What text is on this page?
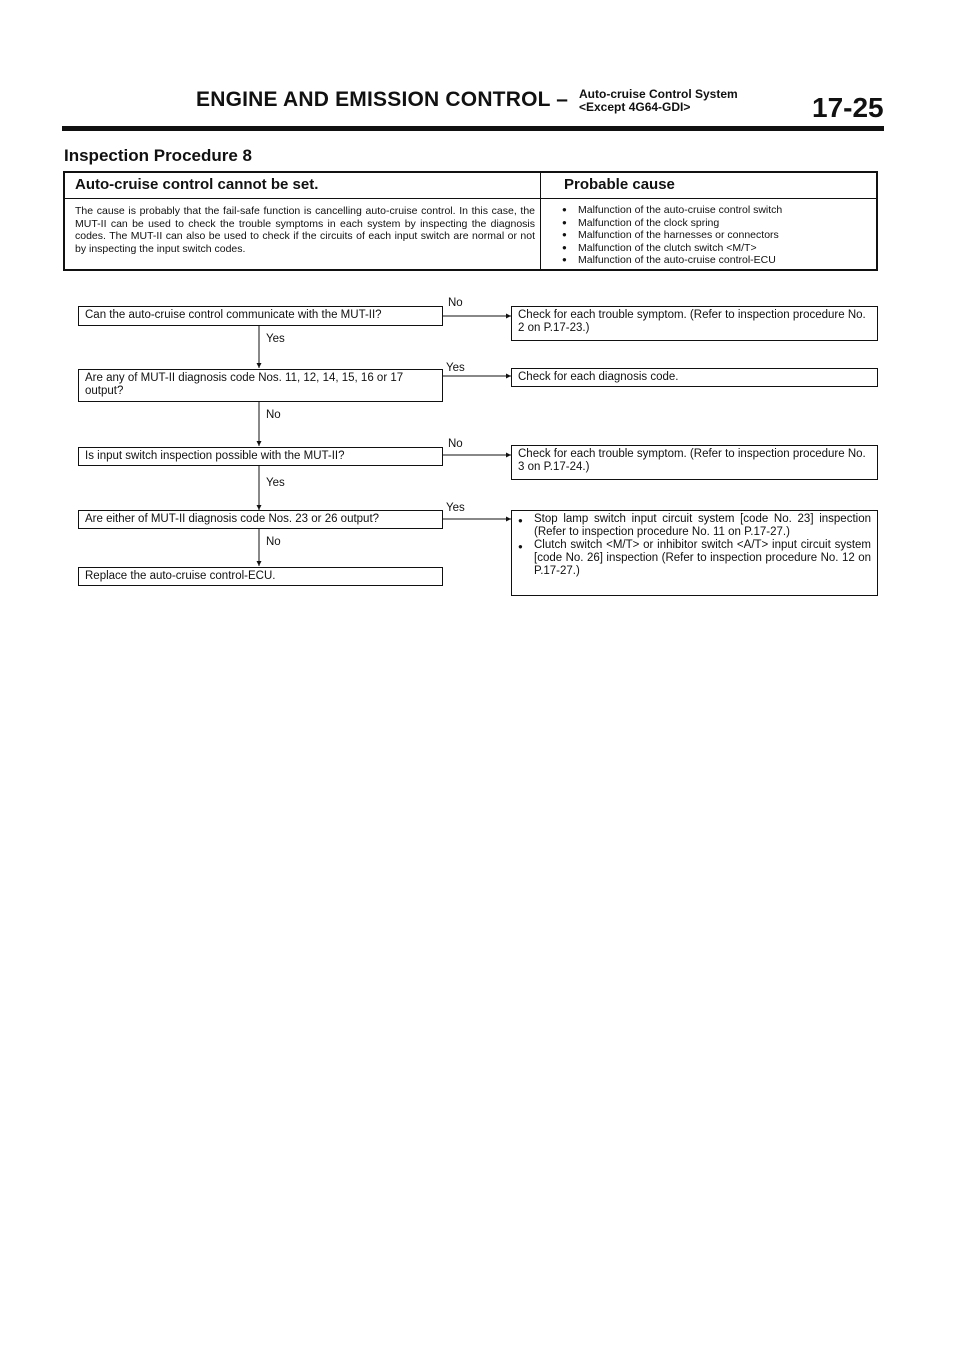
ENGINE AND EMISSION CONTROL – Auto-cruise Control System
<Except 4G64-GDI>	17-25
Inspection Procedure 8
Auto-cruise control cannot be set.	Probable cause
The cause is probably that the fail-safe function is cancelling auto-cruise control. In this case, the MUT-II can be used to check the trouble symptoms in each system by inspecting the diagnosis codes. The MUT-II can also be used to check if the circuits of each input switch are normal or not by inspecting the input switch codes.
● Malfunction of the auto-cruise control switch
● Malfunction of the clock spring
● Malfunction of the harnesses or connectors
● Malfunction of the clutch switch <M/T>
● Malfunction of the auto-cruise control-ECU
Can the auto-cruise control communicate with the MUT-II?
Are any of MUT-II diagnosis code Nos. 11, 12, 14, 15, 16 or 17 output?
Is input switch inspection possible with the MUT-II?
Are either of MUT-II diagnosis code Nos. 23 or 26 output?
Replace the auto-cruise control-ECU.
Check for each trouble symptom. (Refer to inspection procedure No. 2 on P.17-23.)
Check for each diagnosis code.
Check for each trouble symptom. (Refer to inspection procedure No. 3 on P.17-24.)
● Stop lamp switch input circuit system [code No. 23] inspection (Refer to inspection procedure No. 11 on P.17-27.)
● Clutch switch <M/T> or inhibitor switch <A/T> input circuit system [code No. 26] inspection (Refer to inspection procedure No. 12 on P.17-27.)
No
Yes
Yes
No
No
Yes
Yes
No
